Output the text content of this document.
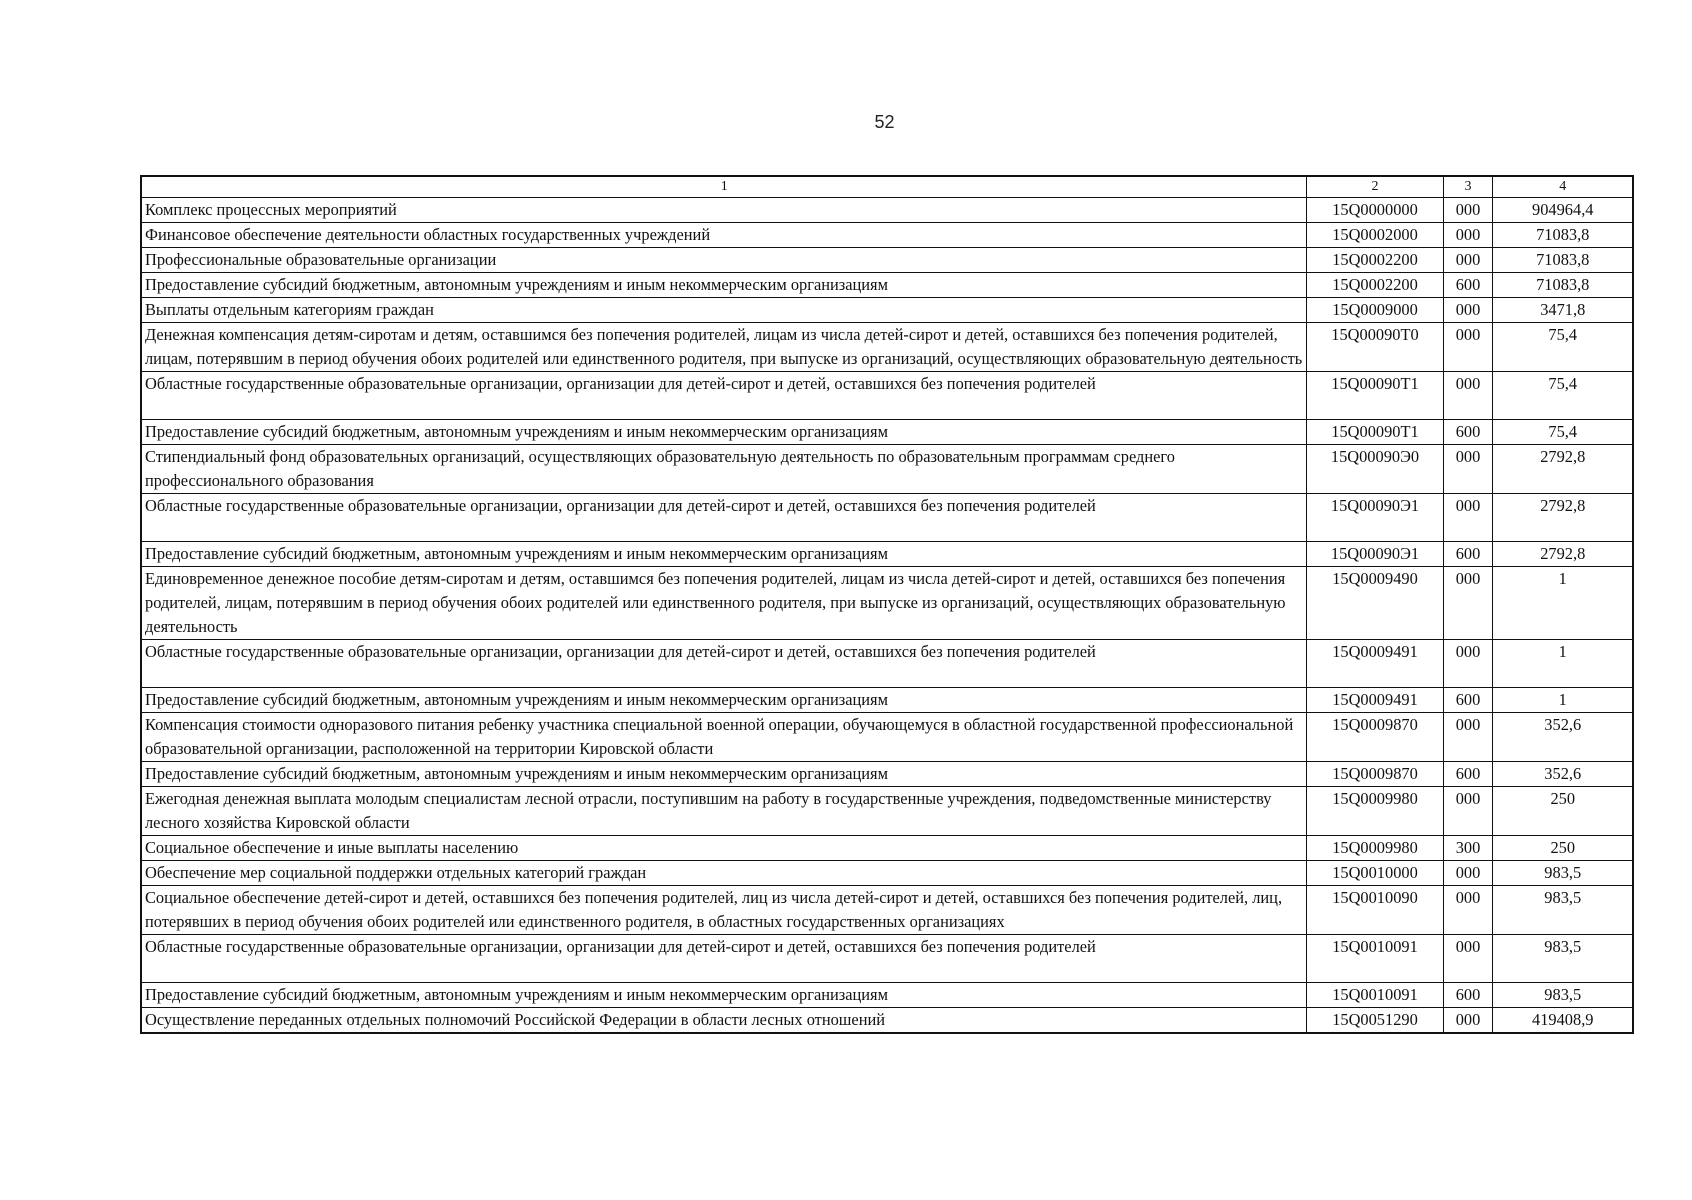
52
1	2	3	4
Комплекс процессных мероприятий	15Q0000000	000	904964,4
Финансовое обеспечение деятельности областных государственных учреждений	15Q0002000	000	71083,8
Профессиональные образовательные организации	15Q0002200	000	71083,8
Предоставление субсидий бюджетным, автономным учреждениям и иным некоммерческим организациям	15Q0002200	600	71083,8
Выплаты отдельным категориям граждан	15Q0009000	000	3471,8
Денежная компенсация детям-сиротам и детям, оставшимся без попечения родителей, лицам из числа детей-сирот и детей, оставшихся без попечения родителей, лицам, потерявшим в период обучения обоих родителей или единственного родителя, при выпуске из организаций, осуществляющих образовательную деятельность	15Q00090Т0	000	75,4
Областные государственные образовательные организации, организации для детей-сирот и детей, оставшихся без попечения родителей	15Q00090Т1	000	75,4
Предоставление субсидий бюджетным, автономным учреждениям и иным некоммерческим организациям	15Q00090Т1	600	75,4
Стипендиальный фонд образовательных организаций, осуществляющих образовательную деятельность по образовательным программам среднего профессионального образования	15Q00090Э0	000	2792,8
Областные государственные образовательные организации, организации для детей-сирот и детей, оставшихся без попечения родителей	15Q00090Э1	000	2792,8
Предоставление субсидий бюджетным, автономным учреждениям и иным некоммерческим организациям	15Q00090Э1	600	2792,8
Единовременное денежное пособие детям-сиротам и детям, оставшимся без попечения родителей, лицам из числа детей-сирот и детей, оставшихся без попечения родителей, лицам, потерявшим в период обучения обоих родителей или единственного родителя, при выпуске из организаций, осуществляющих образовательную деятельность	15Q0009490	000	1
Областные государственные образовательные организации, организации для детей-сирот и детей, оставшихся без попечения родителей	15Q0009491	000	1
Предоставление субсидий бюджетным, автономным учреждениям и иным некоммерческим организациям	15Q0009491	600	1
Компенсация стоимости одноразового питания ребенку участника специальной военной операции, обучающемуся в областной государственной профессиональной образовательной организации, расположенной на территории Кировской области	15Q0009870	000	352,6
Предоставление субсидий бюджетным, автономным учреждениям и иным некоммерческим организациям	15Q0009870	600	352,6
Ежегодная денежная выплата молодым специалистам лесной отрасли, поступившим на работу в государственные учреждения, подведомственные министерству лесного хозяйства Кировской области	15Q0009980	000	250
Социальное обеспечение и иные выплаты населению	15Q0009980	300	250
Обеспечение мер социальной поддержки отдельных категорий граждан	15Q0010000	000	983,5
Социальное обеспечение детей-сирот и детей, оставшихся без попечения родителей, лиц из числа детей-сирот и детей, оставшихся без попечения родителей, лиц, потерявших в период обучения обоих родителей или единственного родителя, в областных государственных организациях	15Q0010090	000	983,5
Областные государственные образовательные организации, организации для детей-сирот и детей, оставшихся без попечения родителей	15Q0010091	000	983,5
Предоставление субсидий бюджетным, автономным учреждениям и иным некоммерческим организациям	15Q0010091	600	983,5
Осуществление переданных отдельных полномочий Российской Федерации в области лесных отношений	15Q0051290	000	419408,9
